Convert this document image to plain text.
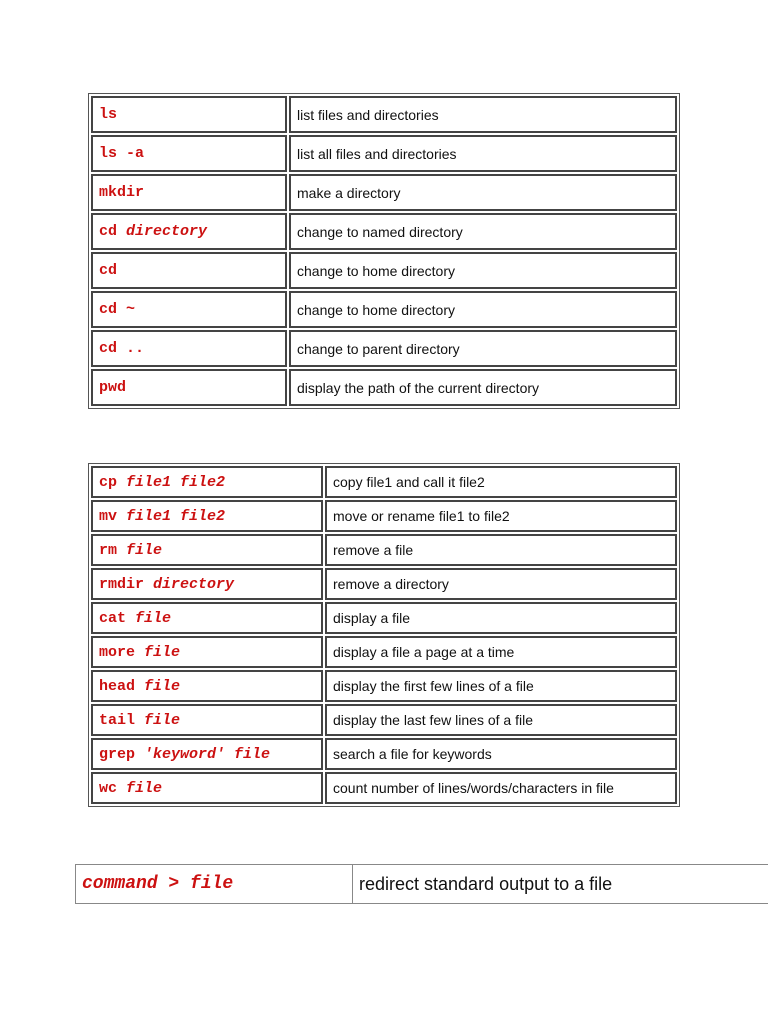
ls	list files and directories
ls -a	list all files and directories
mkdir	make a directory
cd directory	change to named directory
cd	change to home directory
cd ~	change to home directory
cd ..	change to parent directory
pwd	display the path of the current directory
cp file1 file2	copy file1 and call it file2
mv file1 file2	move or rename file1 to file2
rm file	remove a file
rmdir directory	remove a directory
cat file	display a file
more file	display a file a page at a time
head file	display the first few lines of a file
tail file	display the last few lines of a file
grep 'keyword' file	search a file for keywords
wc file	count number of lines/words/characters in file
command > file	redirect standard output to a file
